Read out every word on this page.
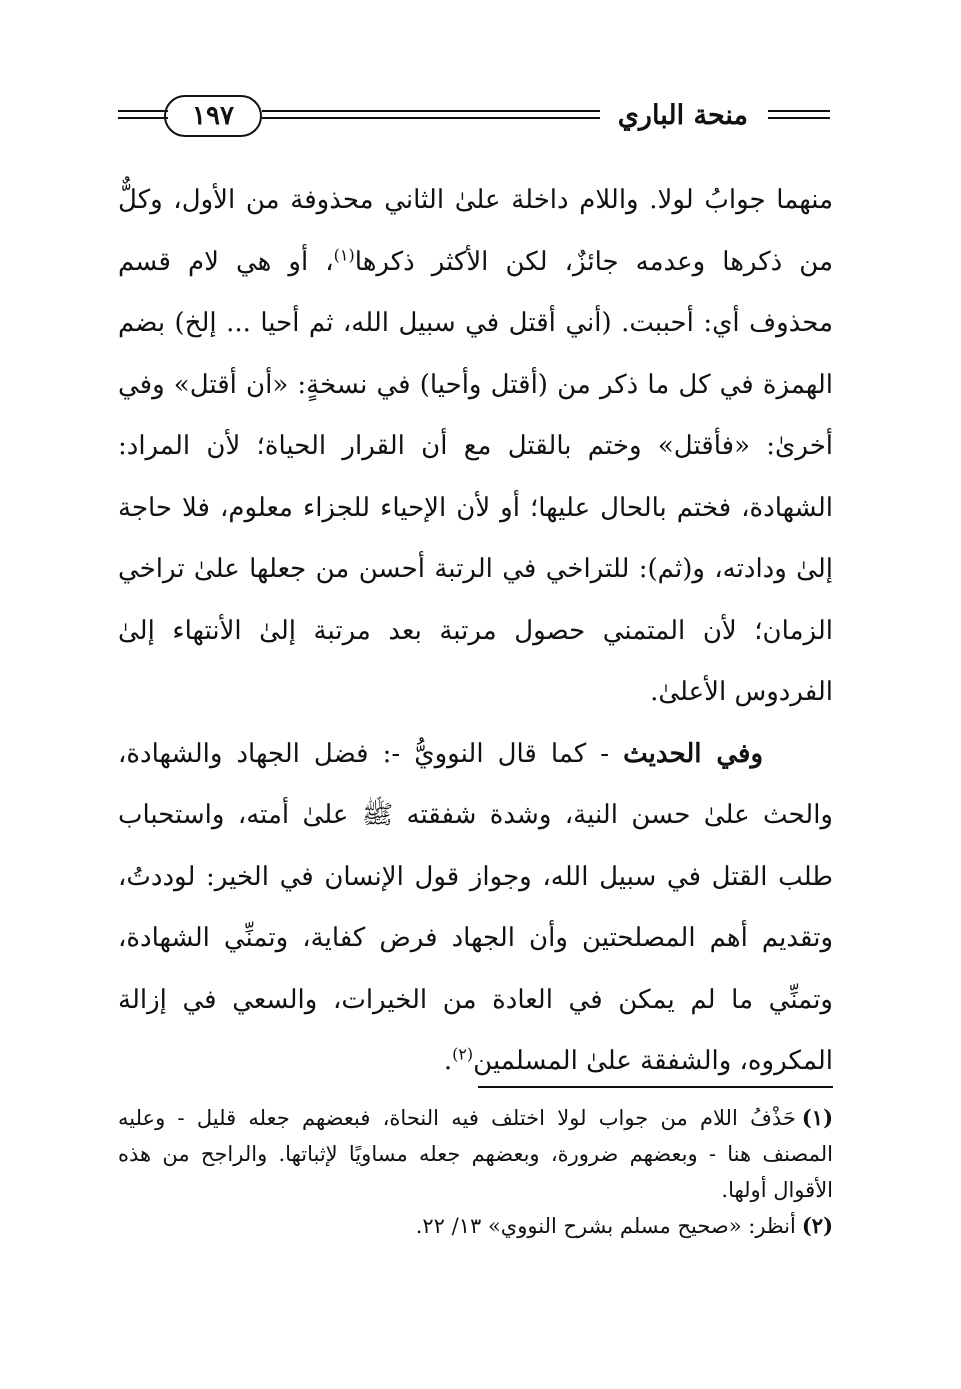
منحة الباري
١٩٧

منهما جوابُ لولا. واللام داخلة علىٰ الثاني محذوفة من الأول، وكلٌّ من ذكرها وعدمه جائزٌ، لكن الأكثر ذكرها$^{(١)}$، أو هي لام قسم محذوف أي: أحببت. (أني أقتل في سبيل الله، ثم أحيا ... إلخ) بضم الهمزة في كل ما ذكر من (أقتل وأحيا) في نسخةٍ: «أن أقتل» وفي أخرىٰ: «فأقتل» وختم بالقتل مع أن القرار الحياة؛ لأن المراد: الشهادة، فختم بالحال عليها؛ أو لأن الإحياء للجزاء معلوم، فلا حاجة إلىٰ ودادته، و(ثم): للتراخي في الرتبة أحسن من جعلها علىٰ تراخي الزمان؛ لأن المتمني حصول مرتبة بعد مرتبة إلىٰ الأنتهاء إلىٰ الفردوس الأعلىٰ.

وفي الحديث - كما قال النوويُّ -: فضل الجهاد والشهادة، والحث علىٰ حسن النية، وشدة شفقته ﷺ علىٰ أمته، واستحباب طلب القتل في سبيل الله، وجواز قول الإنسان في الخير: لوددتُ، وتقديم أهم المصلحتين وأن الجهاد فرض كفاية، وتمنِّي الشهادة، وتمنِّي ما لم يمكن في العادة من الخيرات، والسعي في إزالة المكروه، والشفقة علىٰ المسلمين$^{(٢)}$.

(١)حَذْفُ اللام من جواب لولا اختلف فيه النحاة، فبعضهم جعله قليل - وعليه المصنف هنا - وبعضهم ضرورة، وبعضهم جعله مساويًا لإثباتها. والراجح من هذه الأقوال أولها.

(٢)أنظر: «صحيح مسلم بشرح النووي» ١٣/ ٢٢.
